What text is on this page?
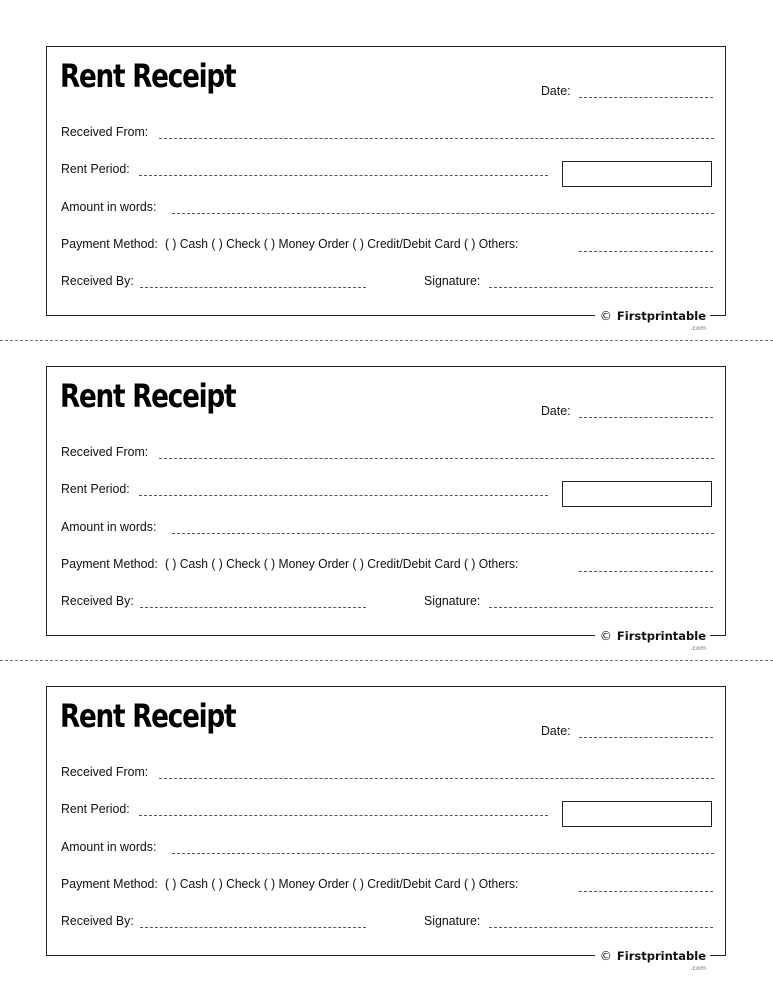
Rent Receipt	Date:
Received From:
Rent Period:
Amount in words:
Payment Method: ( ) Cash ( ) Check ( ) Money Order ( ) Credit/Debit Card ( ) Others:
Received By:	Signature:
© Firstprintable
.com
Rent Receipt	Date:
Received From:
Rent Period:
Amount in words:
Payment Method: ( ) Cash ( ) Check ( ) Money Order ( ) Credit/Debit Card ( ) Others:
Received By:	Signature:
© Firstprintable
.com
Rent Receipt	Date:
Received From:
Rent Period:
Amount in words:
Payment Method: ( ) Cash ( ) Check ( ) Money Order ( ) Credit/Debit Card ( ) Others:
Received By:	Signature:
© Firstprintable
.com
